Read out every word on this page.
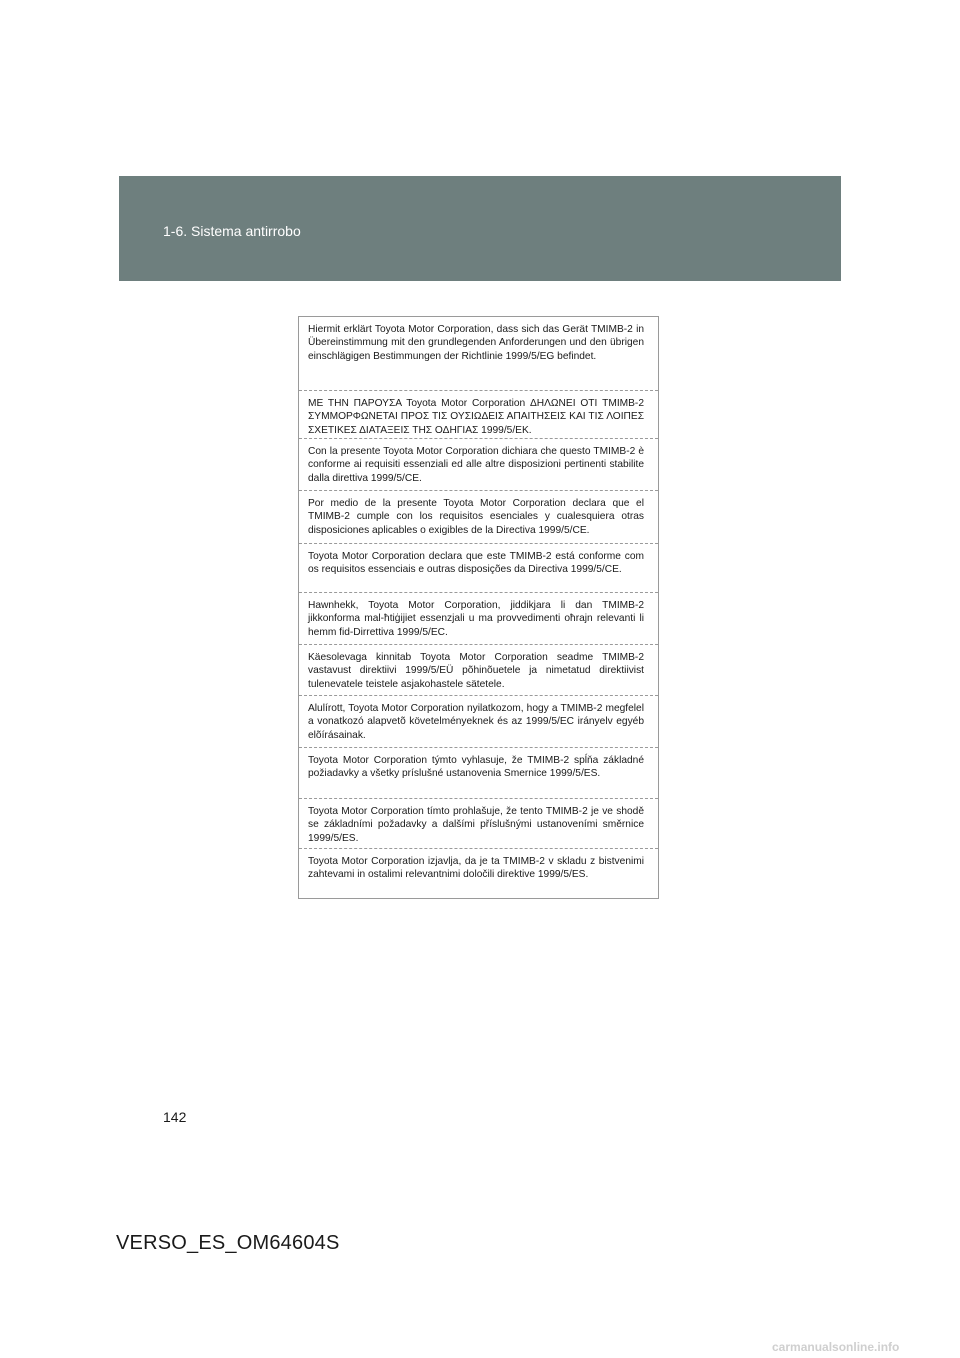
1-6. Sistema antirrobo

Hiermit erklärt Toyota Motor Corporation, dass sich das Gerät TMIMB-2 in Übereinstimmung mit den grundlegenden Anforderungen und den übrigen einschlägigen Bestimmungen der Richtlinie 1999/5/EG befindet.

ΜΕ ΤΗΝ ΠΑΡΟΥΣΑ Toyota Motor Corporation ΔΗΛΩΝΕΙ ΟΤΙ TMIMB-2 ΣΥΜΜΟΡΦΩΝΕΤΑΙ ΠΡΟΣ ΤΙΣ ΟΥΣΙΩΔΕΙΣ ΑΠΑΙΤΗΣΕΙΣ ΚΑΙ ΤΙΣ ΛΟΙΠΕΣ ΣΧΕΤΙΚΕΣ ΔΙΑΤΑΞΕΙΣ ΤΗΣ ΟΔΗΓΙΑΣ 1999/5/ΕΚ.

Con la presente Toyota Motor Corporation dichiara che questo TMIMB-2 è conforme ai requisiti essenziali ed alle altre disposizioni pertinenti stabilite dalla direttiva 1999/5/CE.

Por medio de la presente Toyota Motor Corporation declara que el TMIMB-2 cumple con los requisitos esenciales y cualesquiera otras disposiciones aplicables o exigibles de la Directiva 1999/5/CE.

Toyota Motor Corporation declara que este TMIMB-2 está conforme com os requisitos essenciais e outras disposições da Directiva 1999/5/CE.

Hawnhekk, Toyota Motor Corporation, jiddikjara li dan TMIMB-2 jikkonforma mal-ħtiġijiet essenzjali u ma provvedimenti oħrajn relevanti li hemm fid-Dirrettiva 1999/5/EC.

Käesolevaga kinnitab Toyota Motor Corporation seadme TMIMB-2 vastavust direktiivi 1999/5/EÜ põhinõuetele ja nimetatud direktiivist tulenevatele teistele asjakohastele sätetele.

Alulírott, Toyota Motor Corporation nyilatkozom, hogy a TMIMB-2 megfelel a vonatkozó alapvetõ követelményeknek és az 1999/5/EC irányelv egyéb elõírásainak.

Toyota Motor Corporation týmto vyhlasuje, že TMIMB-2 spĺňa základné požiadavky a všetky príslušné ustanovenia Smernice 1999/5/ES.

Toyota Motor Corporation tímto prohlašuje, že tento TMIMB-2 je ve shodě se základními požadavky a dalšími příslušnými ustanoveními směrnice 1999/5/ES.

Toyota Motor Corporation izjavlja, da je ta TMIMB-2 v skladu z bistvenimi zahtevami in ostalimi relevantnimi določili direktive 1999/5/ES.

142
VERSO_ES_OM64604S
carmanualsonline.info
